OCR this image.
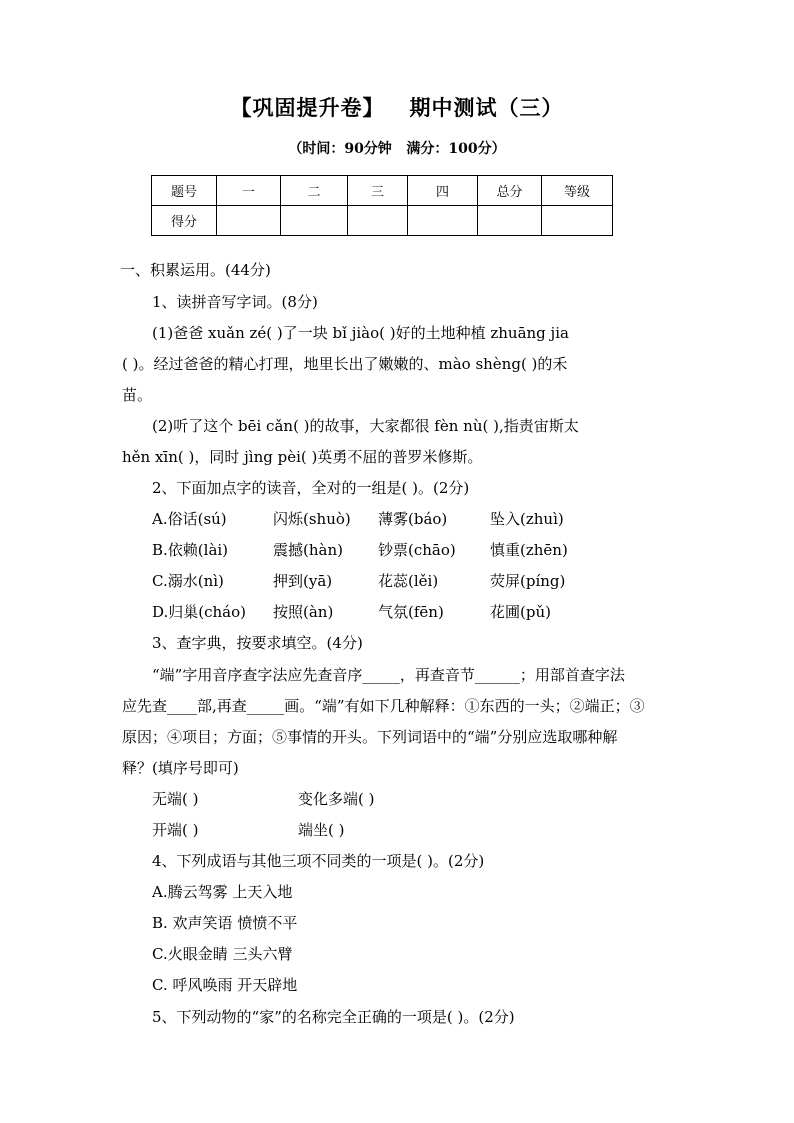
【巩固提升卷】   期中测试（三）
（时间：90分钟   满分：100分）
题号	一	二	三	四	总分	等级
得分						
一、积累运用。(44分)
1、读拼音写字词。(8分)
(1)爸爸 xuǎn zé( )了一块 bǐ jiào( )好的土地种植 zhuāng jia
( )。经过爸爸的精心打理，地里长出了嫩嫩的、mào shèng( )的禾
苗。
(2)听了这个 bēi cǎn( )的故事，大家都很 fèn nù( ),指责宙斯太
hěn xīn( )，同时 jìng pèi( )英勇不屈的普罗米修斯。
2、下面加点字的读音，全对的一组是( )。(2分)
A.俗话(sú)	闪烁(shuò) 薄雾(báo)	坠入(zhuì)
B.依赖(lài)	震撼(hàn) 钞票(chāo) 慎重(zhēn)
C.溺水(nì)	押到(yā)	花蕊(lěi)	荧屏(píng)
D.归巢(cháo) 按照(àn)	气氛(fēn)	花圃(pǔ)
3、查字典，按要求填空。(4分)
“端”字用音序查字法应先查音序_____，再查音节______；用部首查字法
应先查____部,再查_____画。“端”有如下几种解释：①东西的一头；②端正；③
原因；④项目；方面；⑤事情的开头。下列词语中的“端”分别应选取哪种解
释？(填序号即可)
无端( )	变化多端( )
开端( )	端坐( )
4、下列成语与其他三项不同类的一项是( )。(2分)
A.腾云驾雾 上天入地
B. 欢声笑语 愤愤不平
C.火眼金睛 三头六臂
C. 呼风唤雨 开天辟地
5、下列动物的“家”的名称完全正确的一项是( )。(2分)
